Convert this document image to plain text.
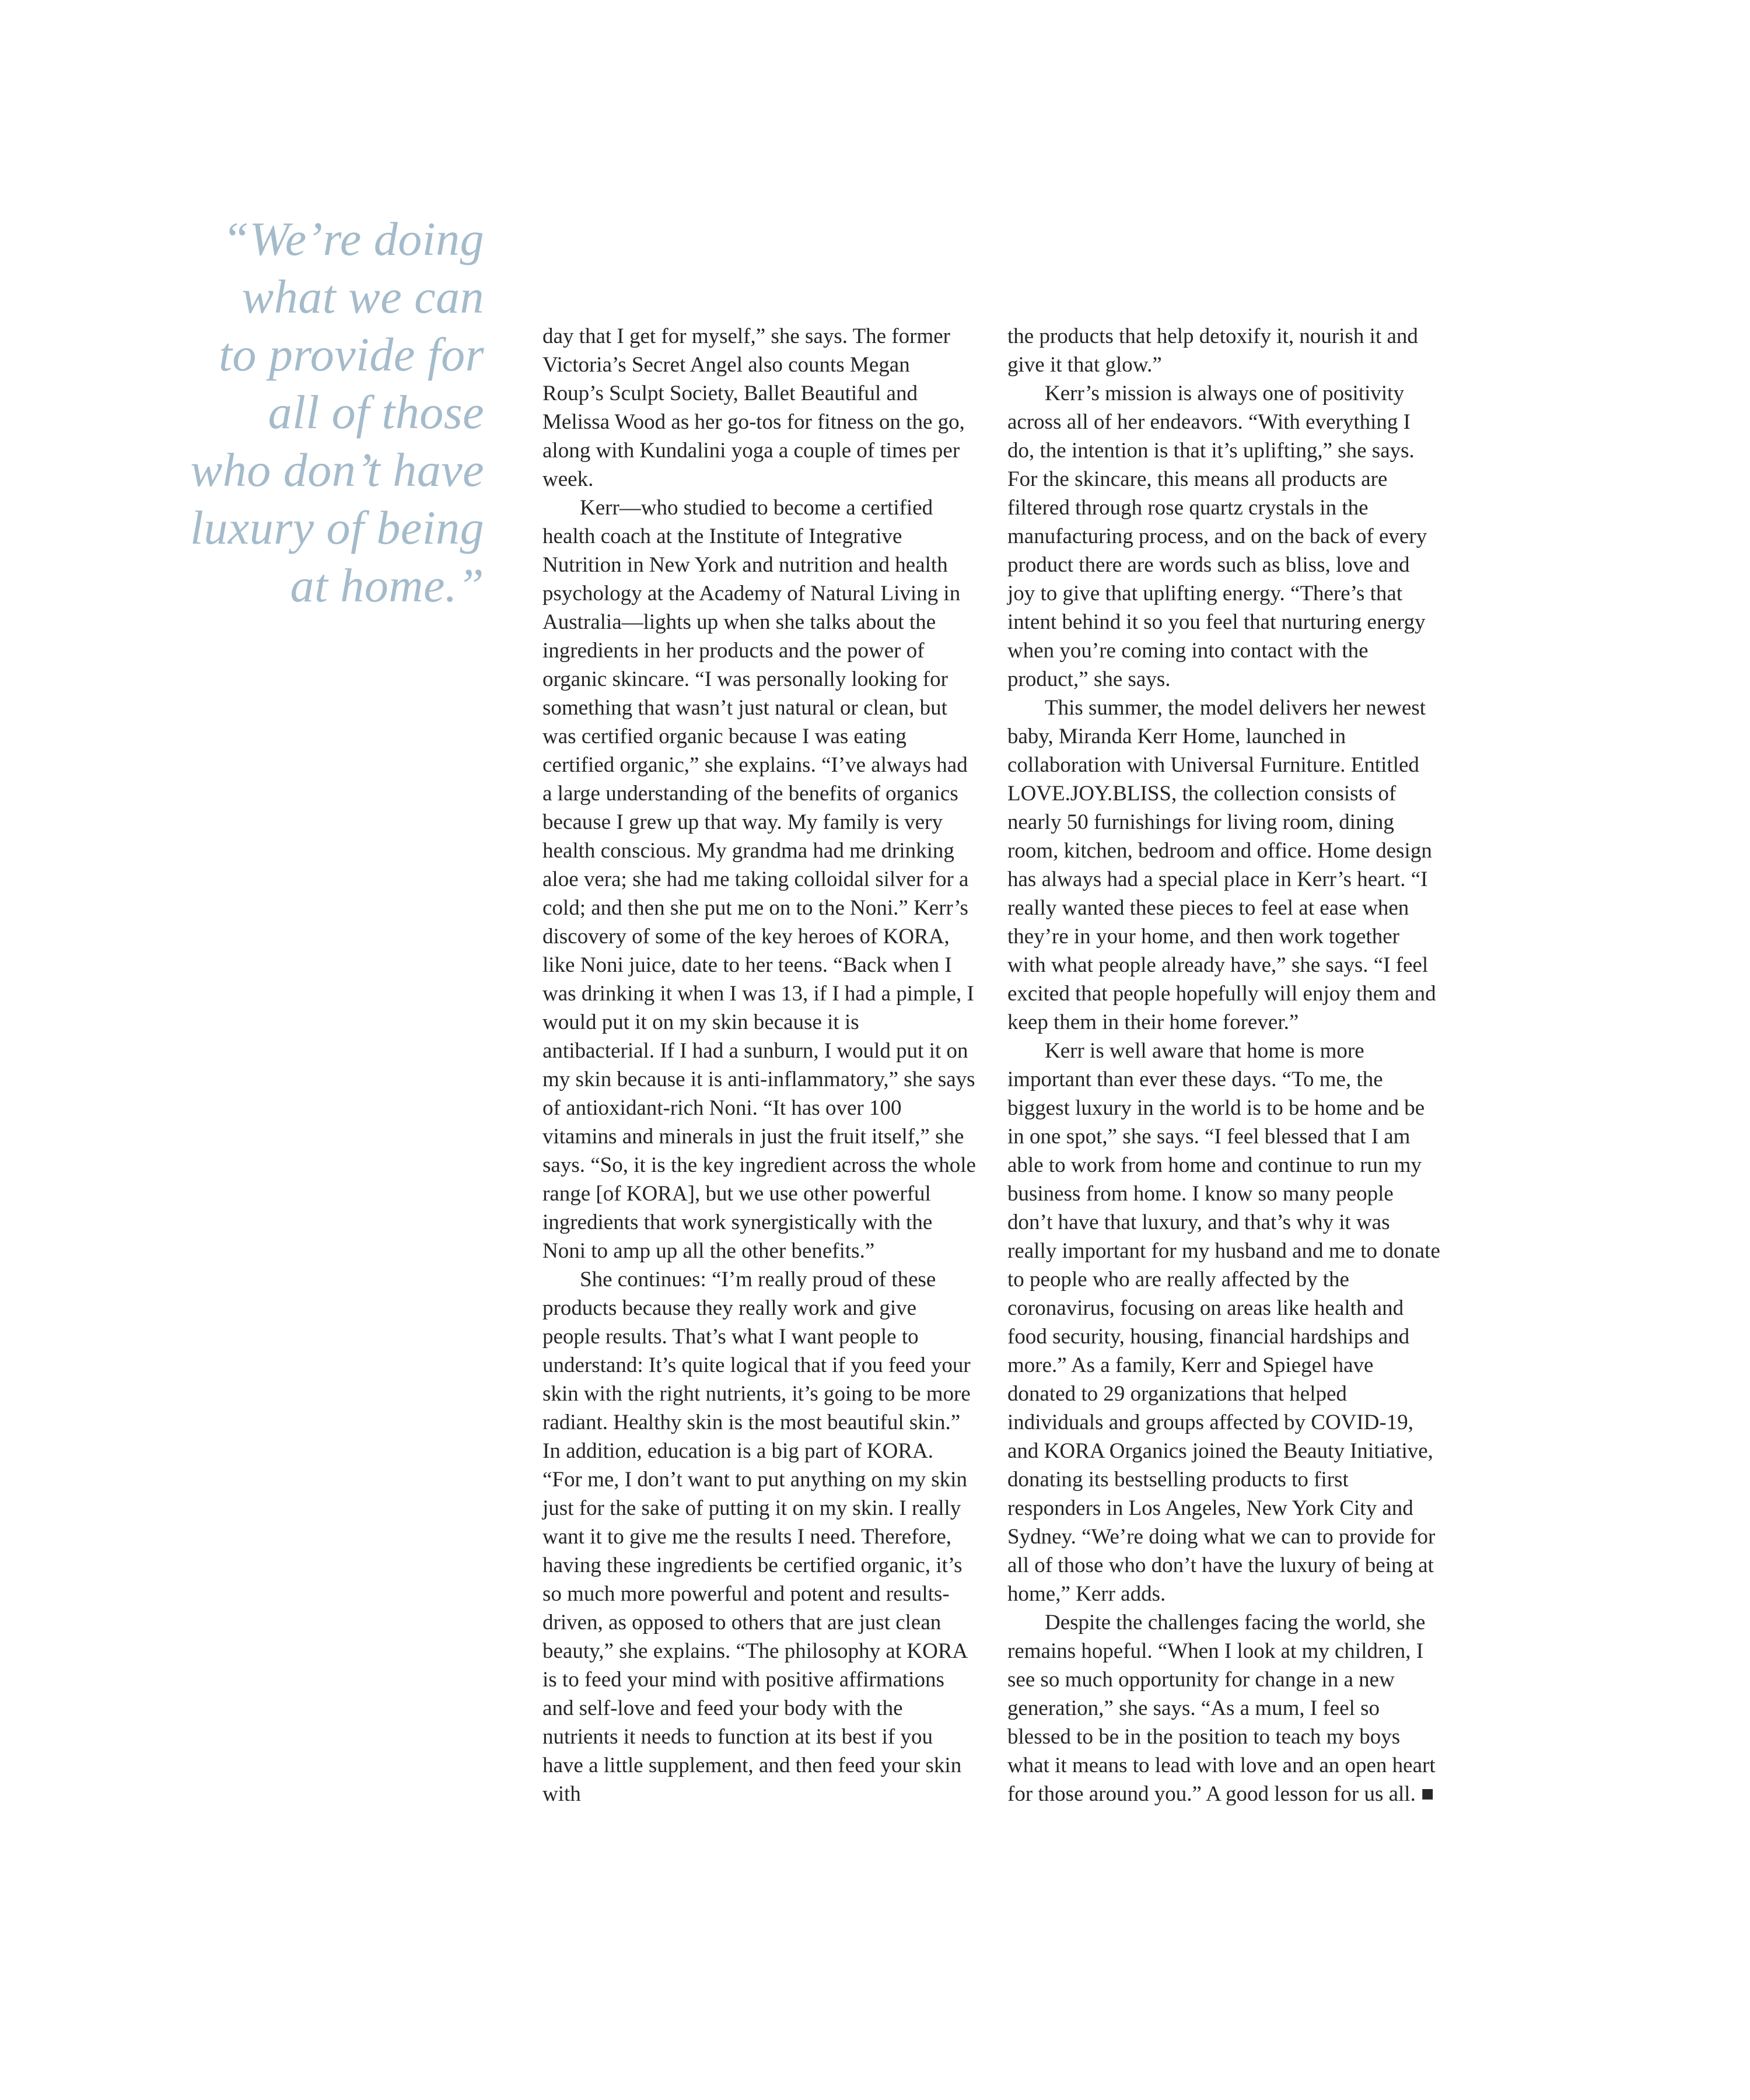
“We’re doing
what we can
to provide for
all of those
who don’t have
luxury of being
at home.”

day that I get for myself,” she says. The former Victoria’s Secret Angel also counts Megan Roup’s Sculpt Society, Ballet Beautiful and Melissa Wood as her go-tos for fitness on the go, along with Kundalini yoga a couple of times per week.

Kerr—who studied to become a certified health coach at the Institute of Integrative Nutrition in New York and nutrition and health psychology at the Academy of Natural Living in Australia—lights up when she talks about the ingredients in her products and the power of organic skincare. “I was personally looking for something that wasn’t just natural or clean, but was certified organic because I was eating certified organic,” she explains. “I’ve always had a large understanding of the benefits of organics because I grew up that way. My family is very health conscious. My grandma had me drinking aloe vera; she had me taking colloidal silver for a cold; and then she put me on to the Noni.” Kerr’s discovery of some of the key heroes of KORA, like Noni juice, date to her teens. “Back when I was drinking it when I was 13, if I had a pimple, I would put it on my skin because it is antibacterial. If I had a sunburn, I would put it on my skin because it is anti-inflammatory,” she says of antioxidant-rich Noni. “It has over 100 vitamins and minerals in just the fruit itself,” she says. “So, it is the key ingredient across the whole range [of KORA], but we use other powerful ingredients that work synergistically with the Noni to amp up all the other benefits.”

She continues: “I’m really proud of these products because they really work and give people results. That’s what I want people to understand: It’s quite logical that if you feed your skin with the right nutrients, it’s going to be more radiant. Healthy skin is the most beautiful skin.” In addition, education is a big part of KORA. “For me, I don’t want to put anything on my skin just for the sake of putting it on my skin. I really want it to give me the results I need. Therefore, having these ingredients be certified organic, it’s so much more powerful and potent and results-driven, as opposed to others that are just clean beauty,” she explains. “The philosophy at KORA is to feed your mind with positive affirmations and self-love and feed your body with the nutrients it needs to function at its best if you have a little supplement, and then feed your skin with

the products that help detoxify it, nourish it and give it that glow.”

Kerr’s mission is always one of positivity across all of her endeavors. “With everything I do, the intention is that it’s uplifting,” she says. For the skincare, this means all products are filtered through rose quartz crystals in the manufacturing process, and on the back of every product there are words such as bliss, love and joy to give that uplifting energy. “There’s that intent behind it so you feel that nurturing energy when you’re coming into contact with the product,” she says.

This summer, the model delivers her newest baby, Miranda Kerr Home, launched in collaboration with Universal Furniture. Entitled LOVE.JOY.BLISS, the collection consists of nearly 50 furnishings for living room, dining room, kitchen, bedroom and office. Home design has always had a special place in Kerr’s heart. “I really wanted these pieces to feel at ease when they’re in your home, and then work together with what people already have,” she says. “I feel excited that people hopefully will enjoy them and keep them in their home forever.”

Kerr is well aware that home is more important than ever these days. “To me, the biggest luxury in the world is to be home and be in one spot,” she says. “I feel blessed that I am able to work from home and continue to run my business from home. I know so many people don’t have that luxury, and that’s why it was really important for my husband and me to donate to people who are really affected by the coronavirus, focusing on areas like health and food security, housing, financial hardships and more.” As a family, Kerr and Spiegel have donated to 29 organizations that helped individuals and groups affected by COVID-19, and KORA Organics joined the Beauty Initiative, donating its bestselling products to first responders in Los Angeles, New York City and Sydney. “We’re doing what we can to provide for all of those who don’t have the luxury of being at home,” Kerr adds.

Despite the challenges facing the world, she remains hopeful. “When I look at my children, I see so much opportunity for change in a new generation,” she says. “As a mum, I feel so blessed to be in the position to teach my boys what it means to lead with love and an open heart for those around you.” A good lesson for us all. ■
